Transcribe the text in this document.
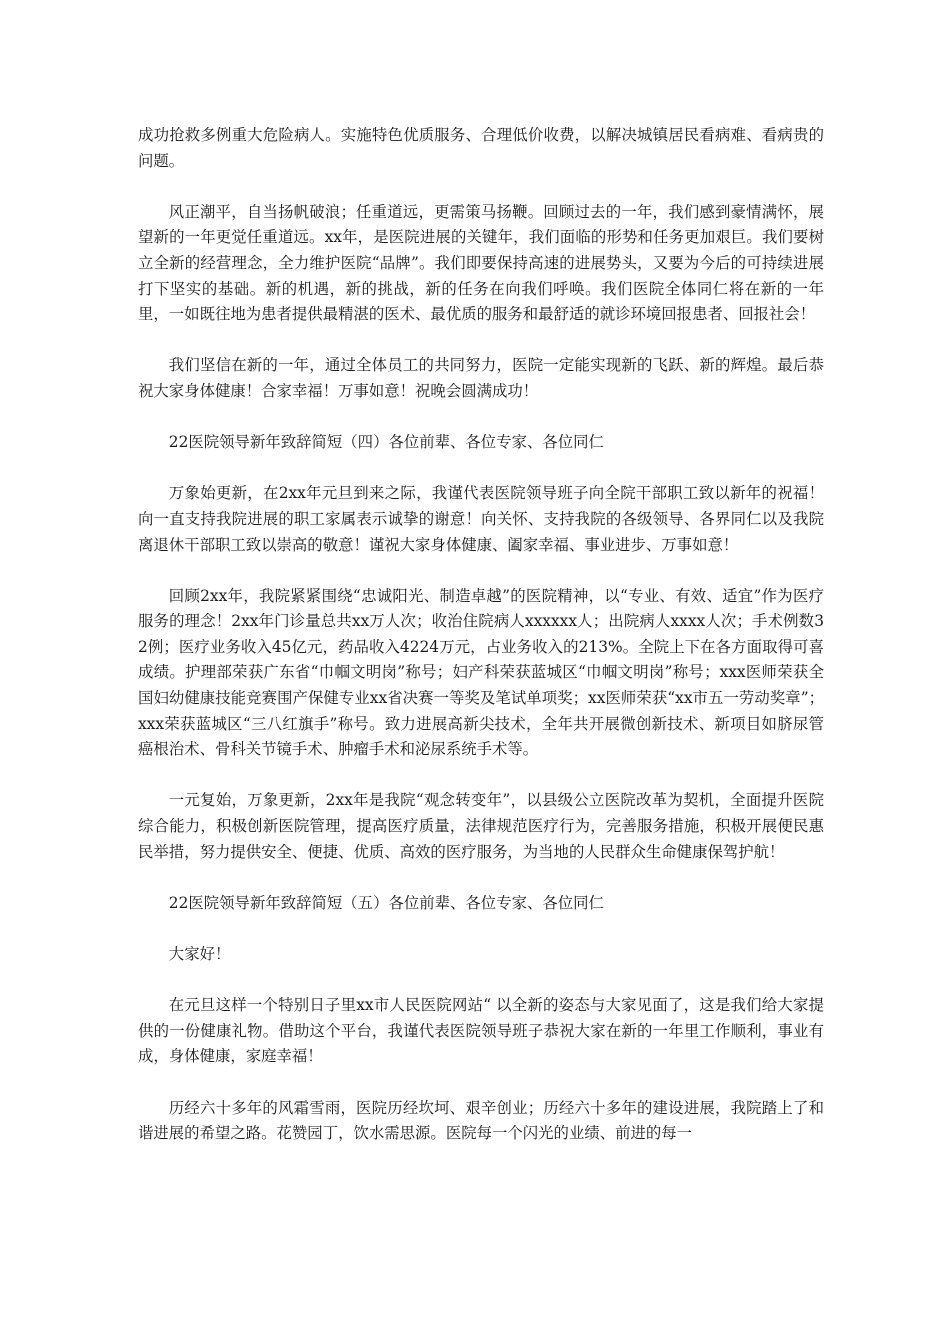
成功抢救多例重大危险病人。实施特色优质服务、合理低价收费，以解决城镇居民看病难、看病贵的问题。

风正潮平，自当扬帆破浪；任重道远，更需策马扬鞭。回顾过去的一年，我们感到豪情满怀，展望新的一年更觉任重道远。xx年，是医院进展的关键年，我们面临的形势和任务更加艰巨。我们要树立全新的经营理念，全力维护医院“品牌”。我们即要保持高速的进展势头，又要为今后的可持续进展打下坚实的基础。新的机遇，新的挑战，新的任务在向我们呼唤。我们医院全体同仁将在新的一年里，一如既往地为患者提供最精湛的医术、最优质的服务和最舒适的就诊环境回报患者、回报社会！

我们坚信在新的一年，通过全体员工的共同努力，医院一定能实现新的飞跃、新的辉煌。最后恭祝大家身体健康！合家幸福！万事如意！祝晚会圆满成功！

22医院领导新年致辞简短（四）各位前辈、各位专家、各位同仁

万象始更新，在2xx年元旦到来之际，我谨代表医院领导班子向全院干部职工致以新年的祝福！向一直支持我院进展的职工家属表示诚挚的谢意！向关怀、支持我院的各级领导、各界同仁以及我院离退休干部职工致以崇高的敬意！谨祝大家身体健康、阖家幸福、事业进步、万事如意！

回顾2xx年，我院紧紧围绕“忠诚阳光、制造卓越”的医院精神，以“专业、有效、适宜”作为医疗服务的理念！2xx年门诊量总共xx万人次；收治住院病人xxxxxx人；出院病人xxxx人次；手术例数32例；医疗业务收入45亿元，药品收入4224万元，占业务收入的213%。全院上下在各方面取得可喜成绩。护理部荣获广东省“巾帼文明岗”称号；妇产科荣获蓝城区“巾帼文明岗”称号；xxx医师荣获全国妇幼健康技能竞赛围产保健专业xx省决赛一等奖及笔试单项奖；xx医师荣获“xx市五一劳动奖章”；xxx荣获蓝城区“三八红旗手”称号。致力进展高新尖技术，全年共开展微创新技术、新项目如脐尿管癌根治术、骨科关节镜手术、肿瘤手术和泌尿系统手术等。

一元复始，万象更新，2xx年是我院“观念转变年”，以县级公立医院改革为契机，全面提升医院综合能力，积极创新医院管理，提高医疗质量，法律规范医疗行为，完善服务措施，积极开展便民惠民举措，努力提供安全、便捷、优质、高效的医疗服务，为当地的人民群众生命健康保驾护航！

22医院领导新年致辞简短（五）各位前辈、各位专家、各位同仁

大家好！

在元旦这样一个特别日子里xx市人民医院网站“ 以全新的姿态与大家见面了，这是我们给大家提供的一份健康礼物。借助这个平台，我谨代表医院领导班子恭祝大家在新的一年里工作顺利，事业有成，身体健康，家庭幸福！

历经六十多年的风霜雪雨，医院历经坎坷、艰辛创业；历经六十多年的建设进展，我院踏上了和谐进展的希望之路。花赞园丁，饮水需思源。医院每一个闪光的业绩、前进的每一
